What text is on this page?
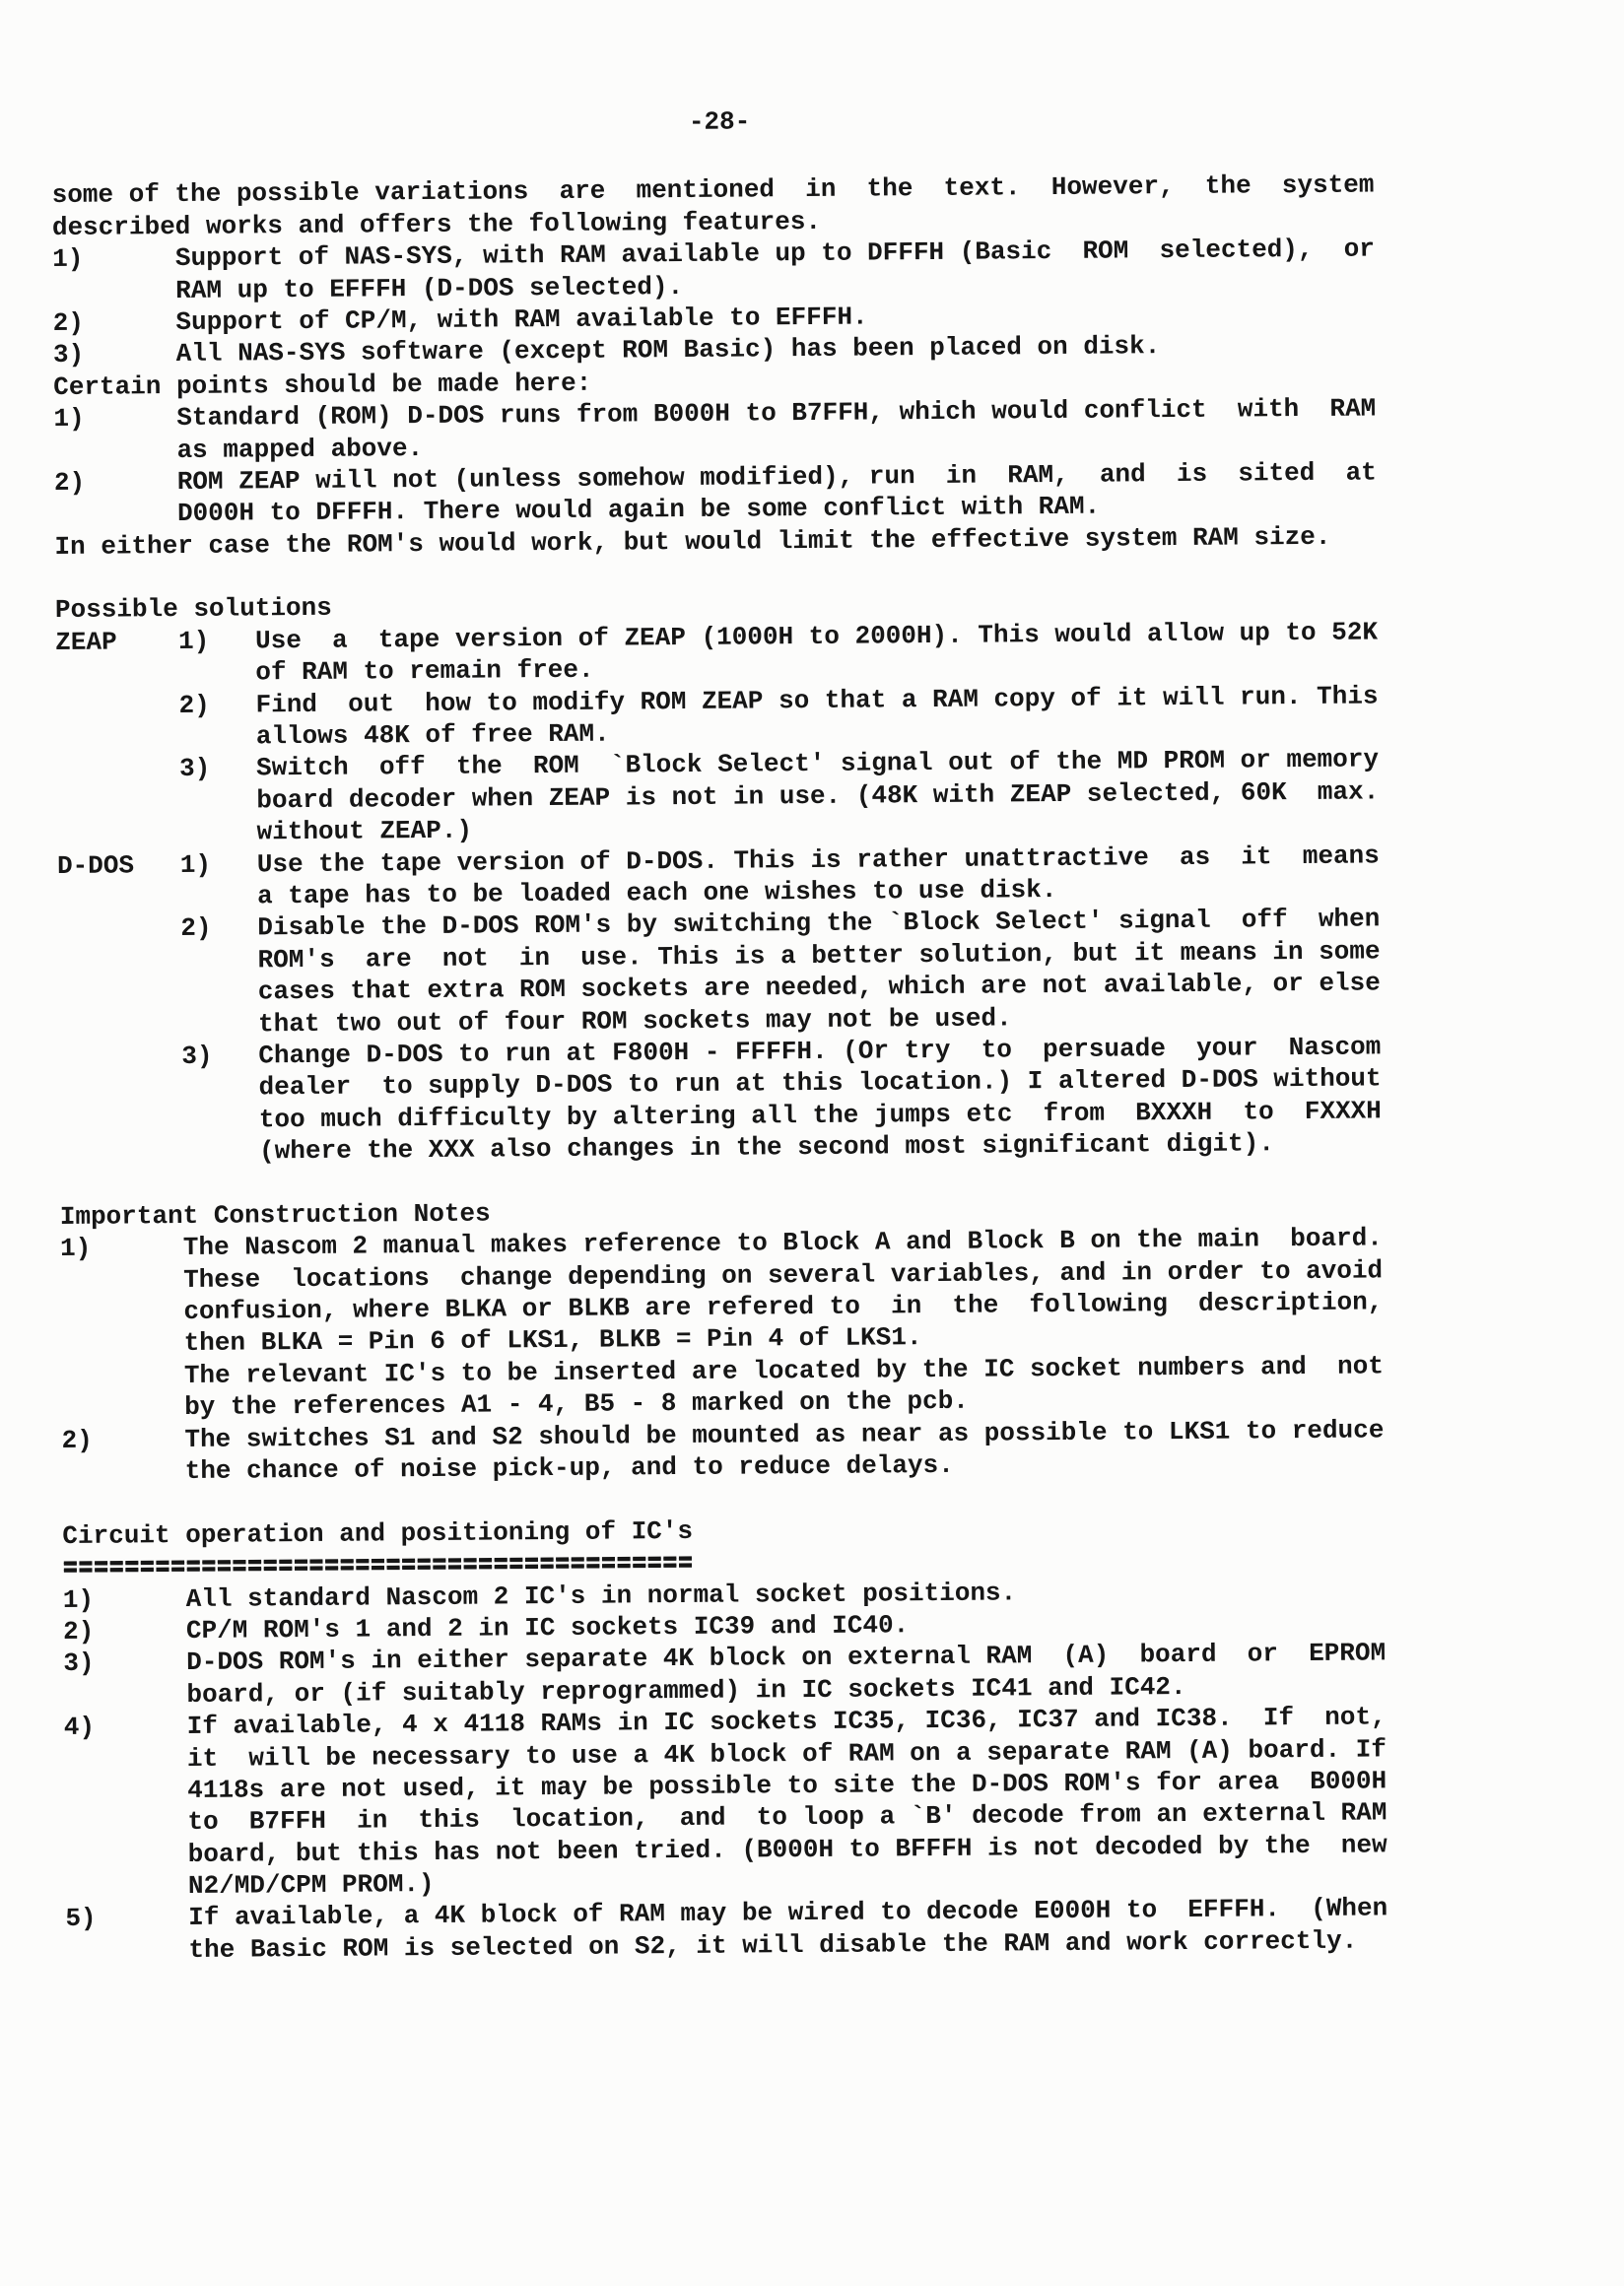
-28-
some of the possible variations  are  mentioned  in  the  text.  However,  the  system
described works and offers the following features.
1)      Support of NAS-SYS, with RAM available up to DFFFH (Basic  ROM  selected),  or
RAM up to EFFFH (D-DOS selected).
2)      Support of CP/M, with RAM available to EFFFH.
3)      All NAS-SYS software (except ROM Basic) has been placed on disk.
Certain points should be made here:
1)      Standard (ROM) D-DOS runs from B000H to B7FFH, which would conflict  with  RAM
as mapped above.
2)      ROM ZEAP will not (unless somehow modified), run  in  RAM,  and  is  sited  at
D000H to DFFFH. There would again be some conflict with RAM.
In either case the ROM's would work, but would limit the effective system RAM size.
Possible solutions
ZEAP    1)   Use  a  tape version of ZEAP (1000H to 2000H). This would allow up to 52K
of RAM to remain free.
2)   Find  out  how to modify ROM ZEAP so that a RAM copy of it will run. This
allows 48K of free RAM.
3)   Switch  off  the  ROM  `Block Select' signal out of the MD PROM or memory
board decoder when ZEAP is not in use. (48K with ZEAP selected, 60K  max.
without ZEAP.)
D-DOS   1)   Use the tape version of D-DOS. This is rather unattractive  as  it  means
a tape has to be loaded each one wishes to use disk.
2)   Disable the D-DOS ROM's by switching the `Block Select' signal  off  when
ROM's  are  not  in  use. This is a better solution, but it means in some
cases that extra ROM sockets are needed, which are not available, or else
that two out of four ROM sockets may not be used.
3)   Change D-DOS to run at F800H - FFFFH. (Or try  to  persuade  your  Nascom
dealer  to supply D-DOS to run at this location.) I altered D-DOS without
too much difficulty by altering all the jumps etc  from  BXXXH  to  FXXXH
(where the XXX also changes in the second most significant digit).
Important Construction Notes
1)      The Nascom 2 manual makes reference to Block A and Block B on the main  board.
These  locations  change depending on several variables, and in order to avoid
confusion, where BLKA or BLKB are refered to  in  the  following  description,
then BLKA = Pin 6 of LKS1, BLKB = Pin 4 of LKS1.
The relevant IC's to be inserted are located by the IC socket numbers and  not
by the references A1 - 4, B5 - 8 marked on the pcb.
2)      The switches S1 and S2 should be mounted as near as possible to LKS1 to reduce
the chance of noise pick-up, and to reduce delays.
Circuit operation and positioning of IC's
=========================================
1)      All standard Nascom 2 IC's in normal socket positions.
2)      CP/M ROM's 1 and 2 in IC sockets IC39 and IC40.
3)      D-DOS ROM's in either separate 4K block on external RAM  (A)  board  or  EPROM
board, or (if suitably reprogrammed) in IC sockets IC41 and IC42.
4)      If available, 4 x 4118 RAMs in IC sockets IC35, IC36, IC37 and IC38.  If  not,
it  will be necessary to use a 4K block of RAM on a separate RAM (A) board. If
4118s are not used, it may be possible to site the D-DOS ROM's for area  B000H
to  B7FFH  in  this  location,  and  to loop a `B' decode from an external RAM
board, but this has not been tried. (B000H to BFFFH is not decoded by the  new
N2/MD/CPM PROM.)
5)      If available, a 4K block of RAM may be wired to decode E000H to  EFFFH.  (When
the Basic ROM is selected on S2, it will disable the RAM and work correctly.
